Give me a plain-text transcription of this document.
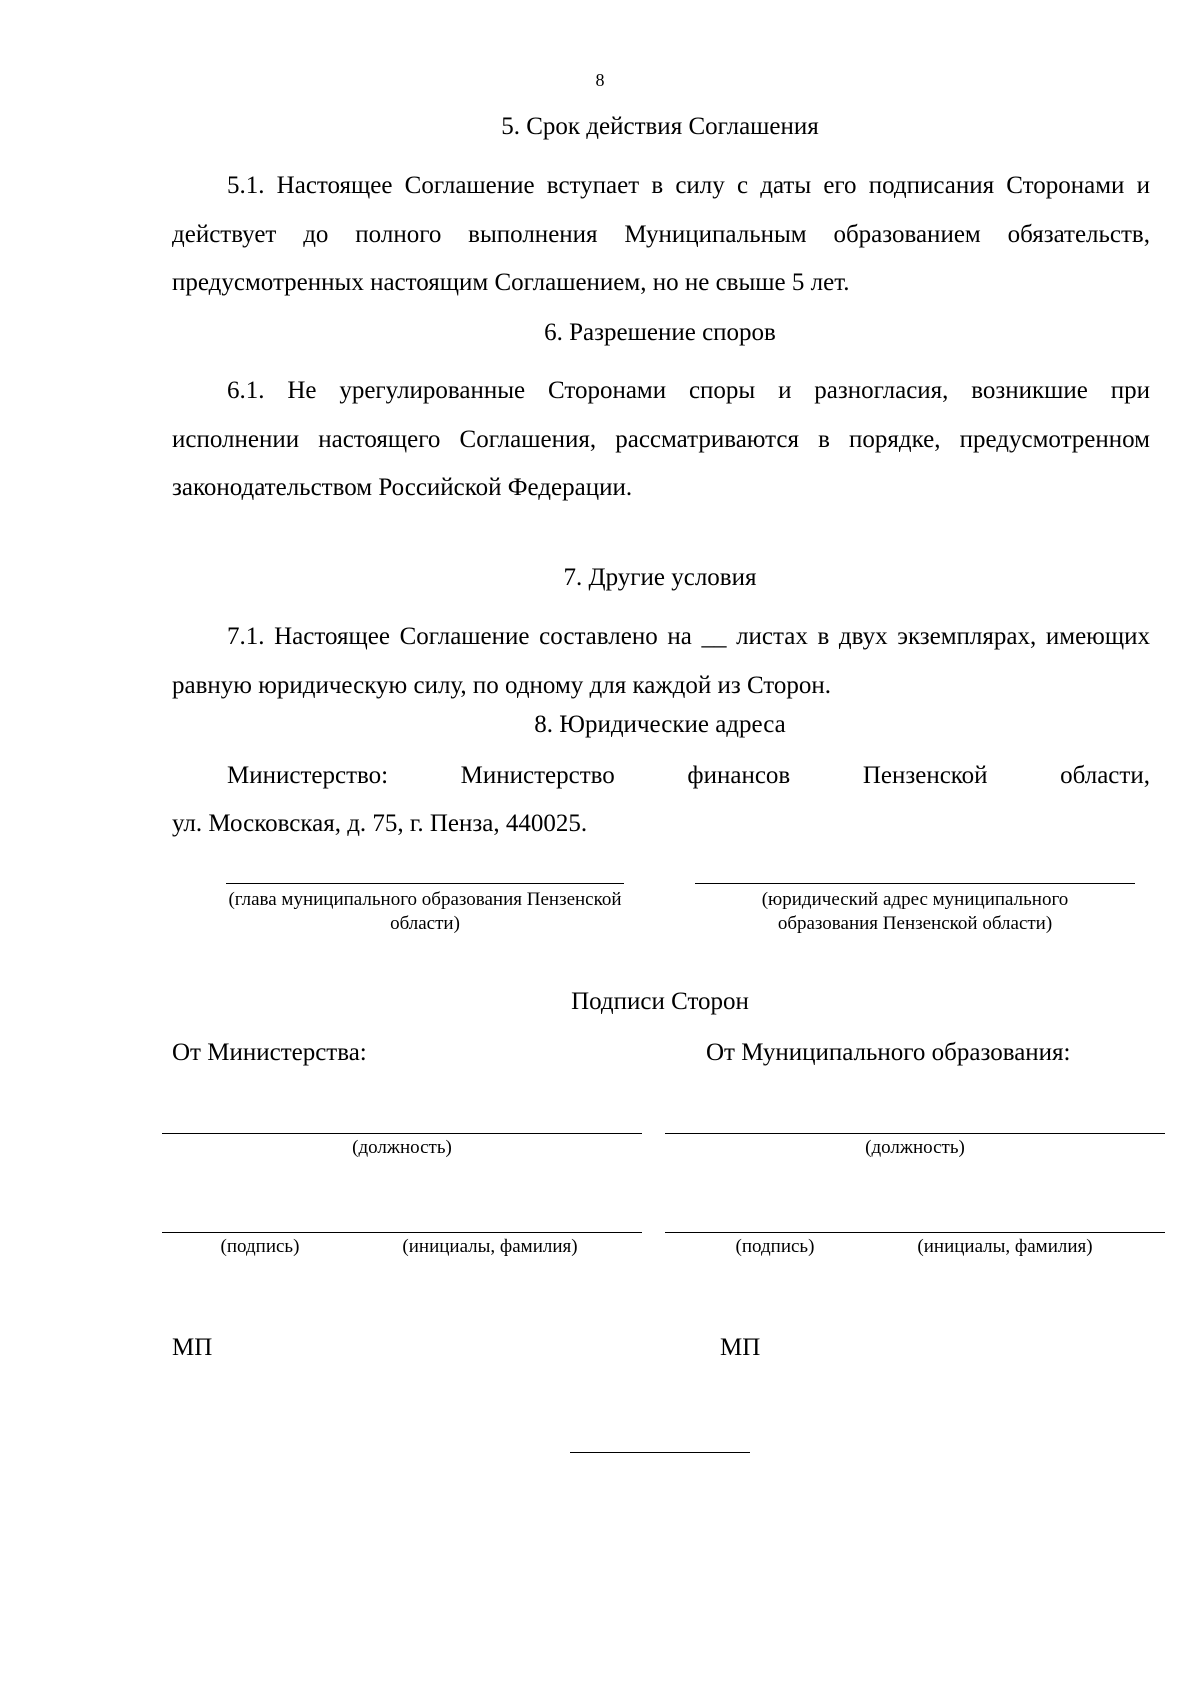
8
5. Срок действия Соглашения
5.1. Настоящее Соглашение вступает в силу с даты его подписания Сторонами и действует до полного выполнения Муниципальным образованием обязательств, предусмотренных настоящим Соглашением, но не свыше 5 лет.
6. Разрешение споров
6.1. Не урегулированные Сторонами споры и разногласия, возникшие при исполнении настоящего Соглашения, рассматриваются в порядке, предусмотренном законодательством Российской Федерации.
7. Другие условия
7.1. Настоящее Соглашение составлено на __ листах в двух экземплярах, имеющих равную юридическую силу, по одному для каждой из Сторон.
8. Юридические адреса
Министерство:	Министерство	финансов	Пензенской	области,
ул. Московская, д. 75, г. Пенза, 440025.
(глава муниципального образования Пензенской области)
(юридический адрес муниципального образования Пензенской области)
Подписи Сторон
От Министерства:	От Муниципального образования:
(должность)	(должность)
(подпись)	(инициалы, фамилия)	(подпись)	(инициалы, фамилия)
МП	МП
